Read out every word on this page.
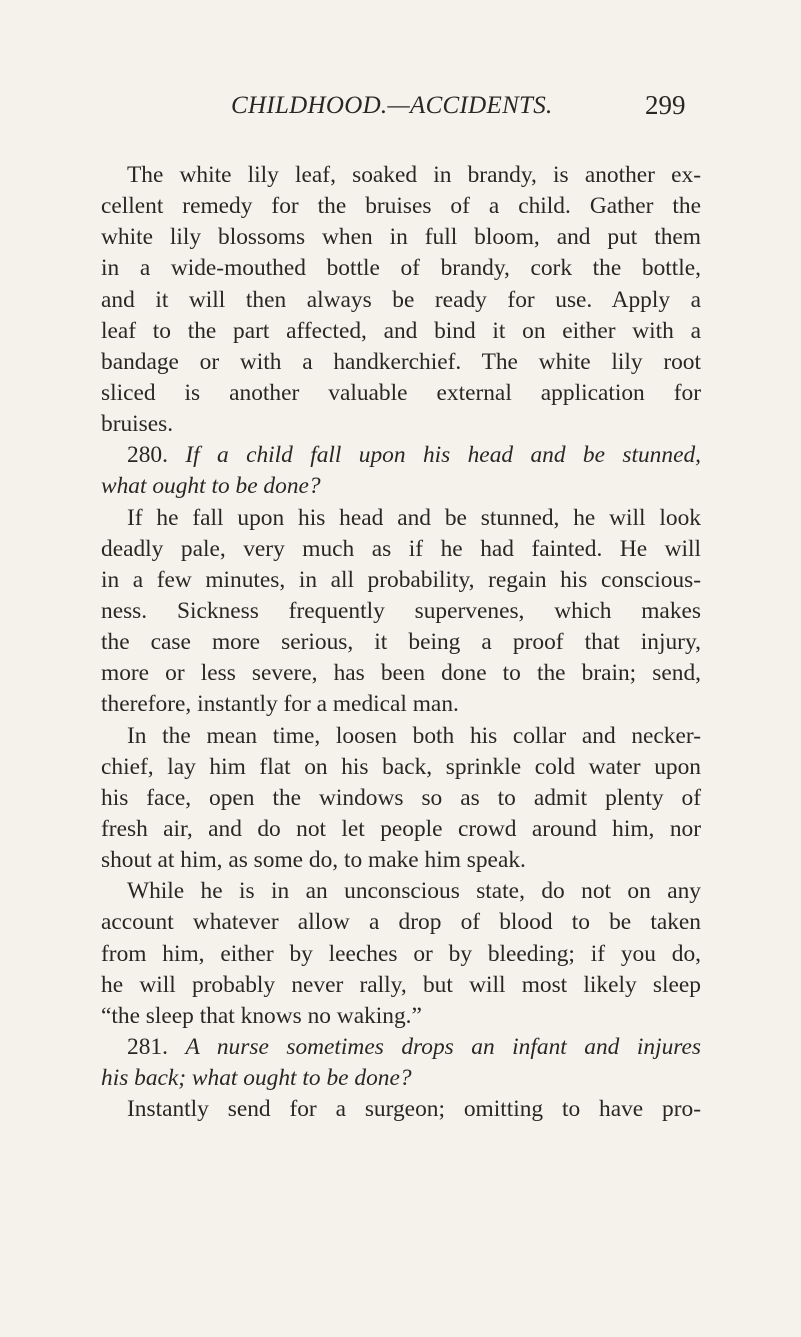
CHILDHOOD.—ACCIDENTS.	299
The white lily leaf, soaked in brandy, is another ex-
cellent remedy for the bruises of a child. Gather the
white lily blossoms when in full bloom, and put them
in a wide-mouthed bottle of brandy, cork the bottle,
and it will then always be ready for use. Apply a
leaf to the part affected, and bind it on either with a
bandage or with a handkerchief. The white lily root
sliced is another valuable external application for
bruises.
280. If a child fall upon his head and be stunned,
what ought to be done?
If he fall upon his head and be stunned, he will look
deadly pale, very much as if he had fainted. He will
in a few minutes, in all probability, regain his conscious-
ness. Sickness frequently supervenes, which makes
the case more serious, it being a proof that injury,
more or less severe, has been done to the brain; send,
therefore, instantly for a medical man.
In the mean time, loosen both his collar and necker-
chief, lay him flat on his back, sprinkle cold water upon
his face, open the windows so as to admit plenty of
fresh air, and do not let people crowd around him, nor
shout at him, as some do, to make him speak.
While he is in an unconscious state, do not on any
account whatever allow a drop of blood to be taken
from him, either by leeches or by bleeding; if you do,
he will probably never rally, but will most likely sleep
“the sleep that knows no waking.”
281. A nurse sometimes drops an infant and injures
his back; what ought to be done?
Instantly send for a surgeon; omitting to have pro-
